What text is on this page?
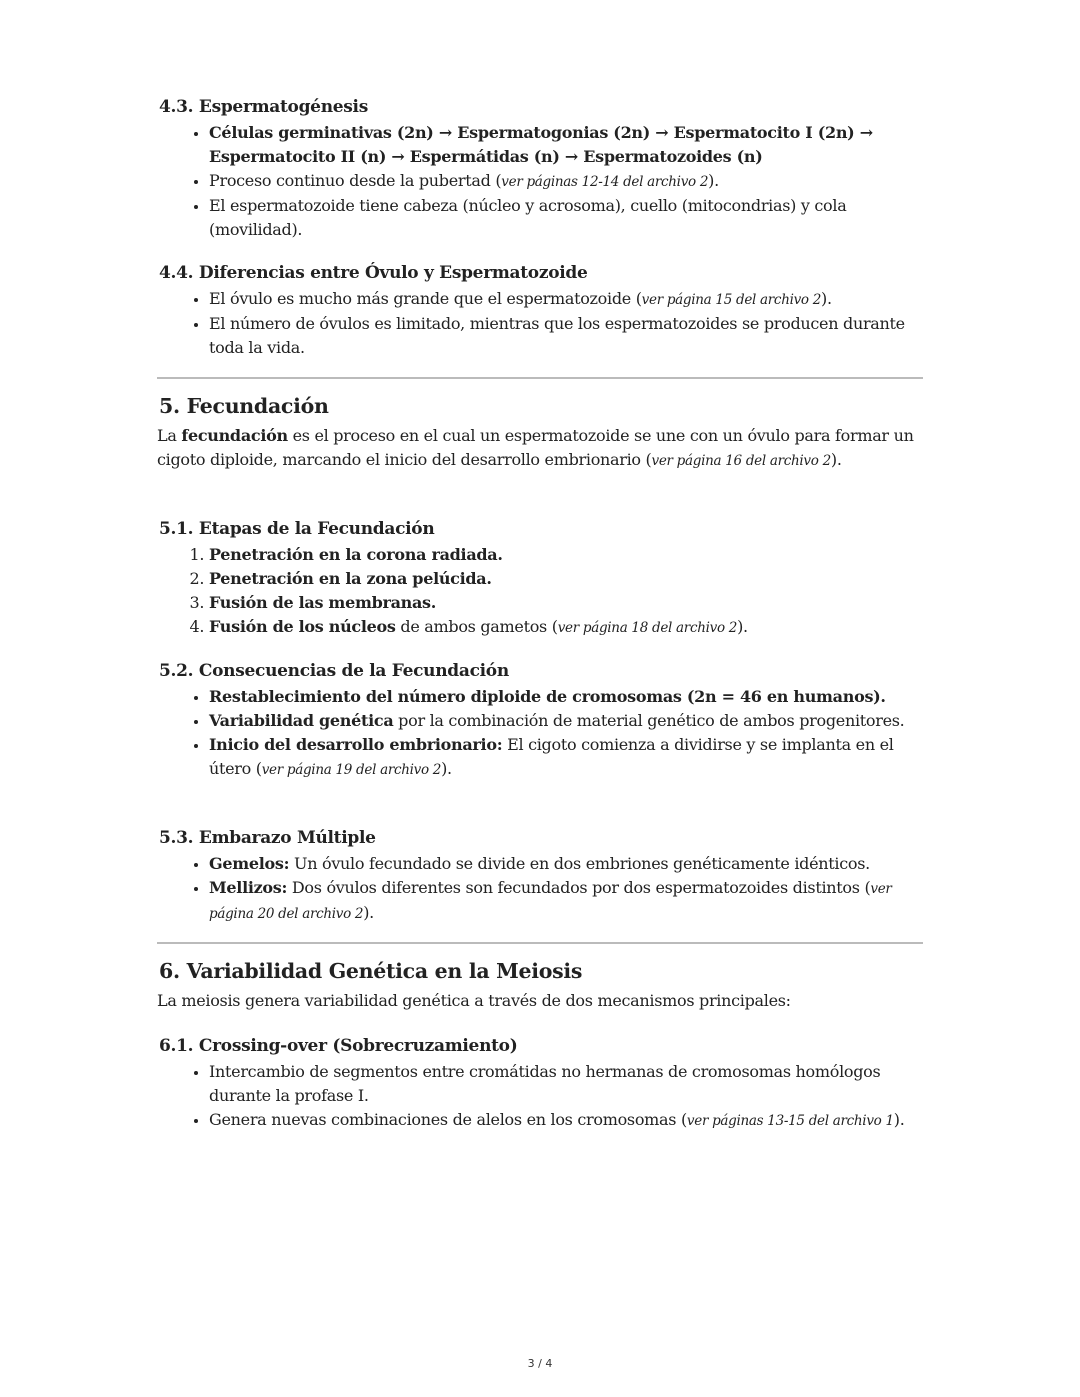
4.3. Espermatogénesis
• Células germinativas (2n) → Espermatogonias (2n) → Espermatocito I (2n) → Espermatocito II (n) → Espermátidas (n) → Espermatozoides (n)
• Proceso continuo desde la pubertad (ver páginas 12-14 del archivo 2).
• El espermatozoide tiene cabeza (núcleo y acrosoma), cuello (mitocondrias) y cola (movilidad).
4.4. Diferencias entre Óvulo y Espermatozoide
• El óvulo es mucho más grande que el espermatozoide (ver página 15 del archivo 2).
• El número de óvulos es limitado, mientras que los espermatozoides se producen durante toda la vida.
5. Fecundación

La fecundación es el proceso en el cual un espermatozoide se une con un óvulo para formar un cigoto diploide, marcando el inicio del desarrollo embrionario (ver página 16 del archivo 2).

5.1. Etapas de la Fecundación
1. Penetración en la corona radiada.
2. Penetración en la zona pelúcida.
3. Fusión de las membranas.
4. Fusión de los núcleos de ambos gametos (ver página 18 del archivo 2).
5.2. Consecuencias de la Fecundación
• Restablecimiento del número diploide de cromosomas (2n = 46 en humanos).
• Variabilidad genética por la combinación de material genético de ambos progenitores.
• Inicio del desarrollo embrionario: El cigoto comienza a dividirse y se implanta en el útero (ver página 19 del archivo 2).
5.3. Embarazo Múltiple
• Gemelos: Un óvulo fecundado se divide en dos embriones genéticamente idénticos.
• Mellizos: Dos óvulos diferentes son fecundados por dos espermatozoides distintos (ver página 20 del archivo 2).
6. Variabilidad Genética en la Meiosis

La meiosis genera variabilidad genética a través de dos mecanismos principales:

6.1. Crossing-over (Sobrecruzamiento)
• Intercambio de segmentos entre cromátidas no hermanas de cromosomas homólogos durante la profase I.
• Genera nuevas combinaciones de alelos en los cromosomas (ver páginas 13-15 del archivo 1).
3 / 4
